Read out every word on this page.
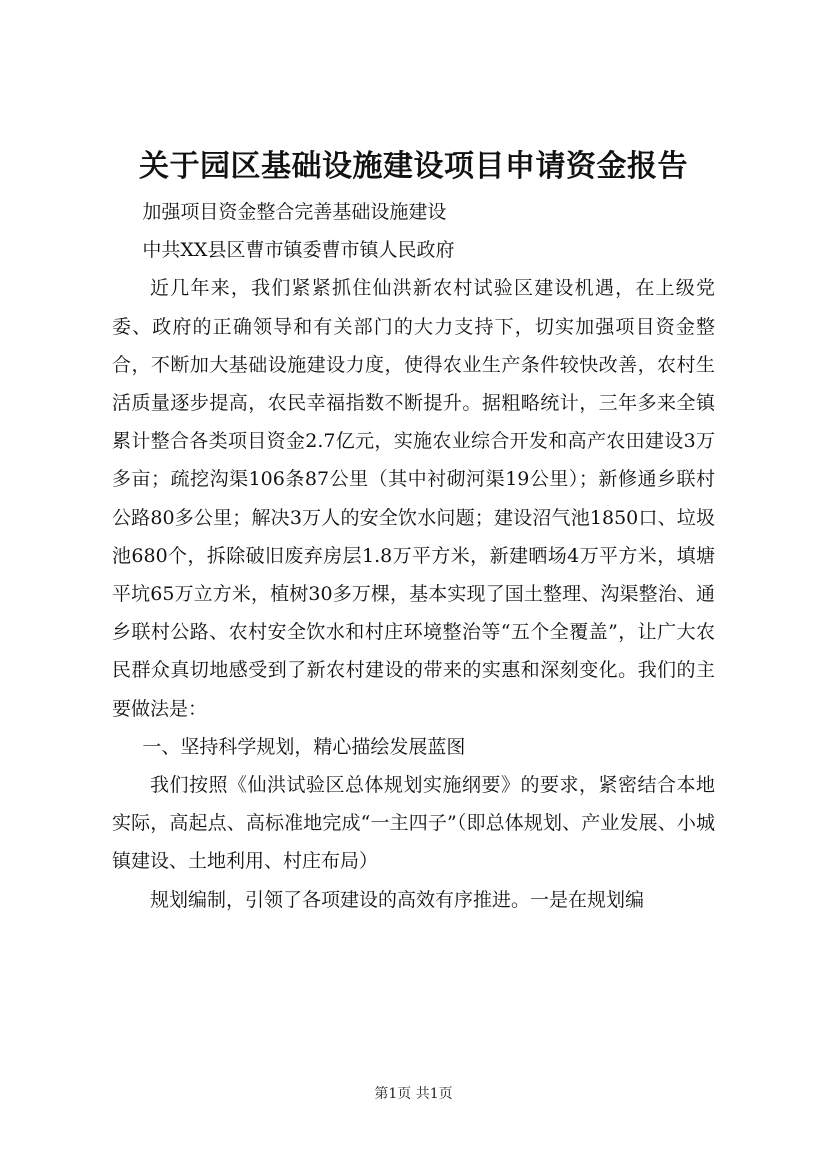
关于园区基础设施建设项目申请资金报告

加强项目资金整合完善基础设施建设

中共XX县区曹市镇委曹市镇人民政府

近几年来，我们紧紧抓住仙洪新农村试验区建设机遇，在上级党委、政府的正确领导和有关部门的大力支持下，切实加强项目资金整合，不断加大基础设施建设力度，使得农业生产条件较快改善，农村生活质量逐步提高，农民幸福指数不断提升。据粗略统计，三年多来全镇累计整合各类项目资金2.7亿元，实施农业综合开发和高产农田建设3万多亩；疏挖沟渠106条87公里（其中衬砌河渠19公里）；新修通乡联村公路80多公里；解决3万人的安全饮水问题；建设沼气池1850口、垃圾池680个，拆除破旧废弃房层1.8万平方米，新建晒场4万平方米，填塘平坑65万立方米，植树30多万棵，基本实现了国土整理、沟渠整治、通乡联村公路、农村安全饮水和村庄环境整治等“五个全覆盖”，让广大农民群众真切地感受到了新农村建设的带来的实惠和深刻变化。我们的主要做法是：

一、坚持科学规划，精心描绘发展蓝图

我们按照《仙洪试验区总体规划实施纲要》的要求，紧密结合本地实际，高起点、高标准地完成“一主四子”（即总体规划、产业发展、小城镇建设、土地利用、村庄布局）

规划编制，引领了各项建设的高效有序推进。一是在规划编

第1页 共1页
